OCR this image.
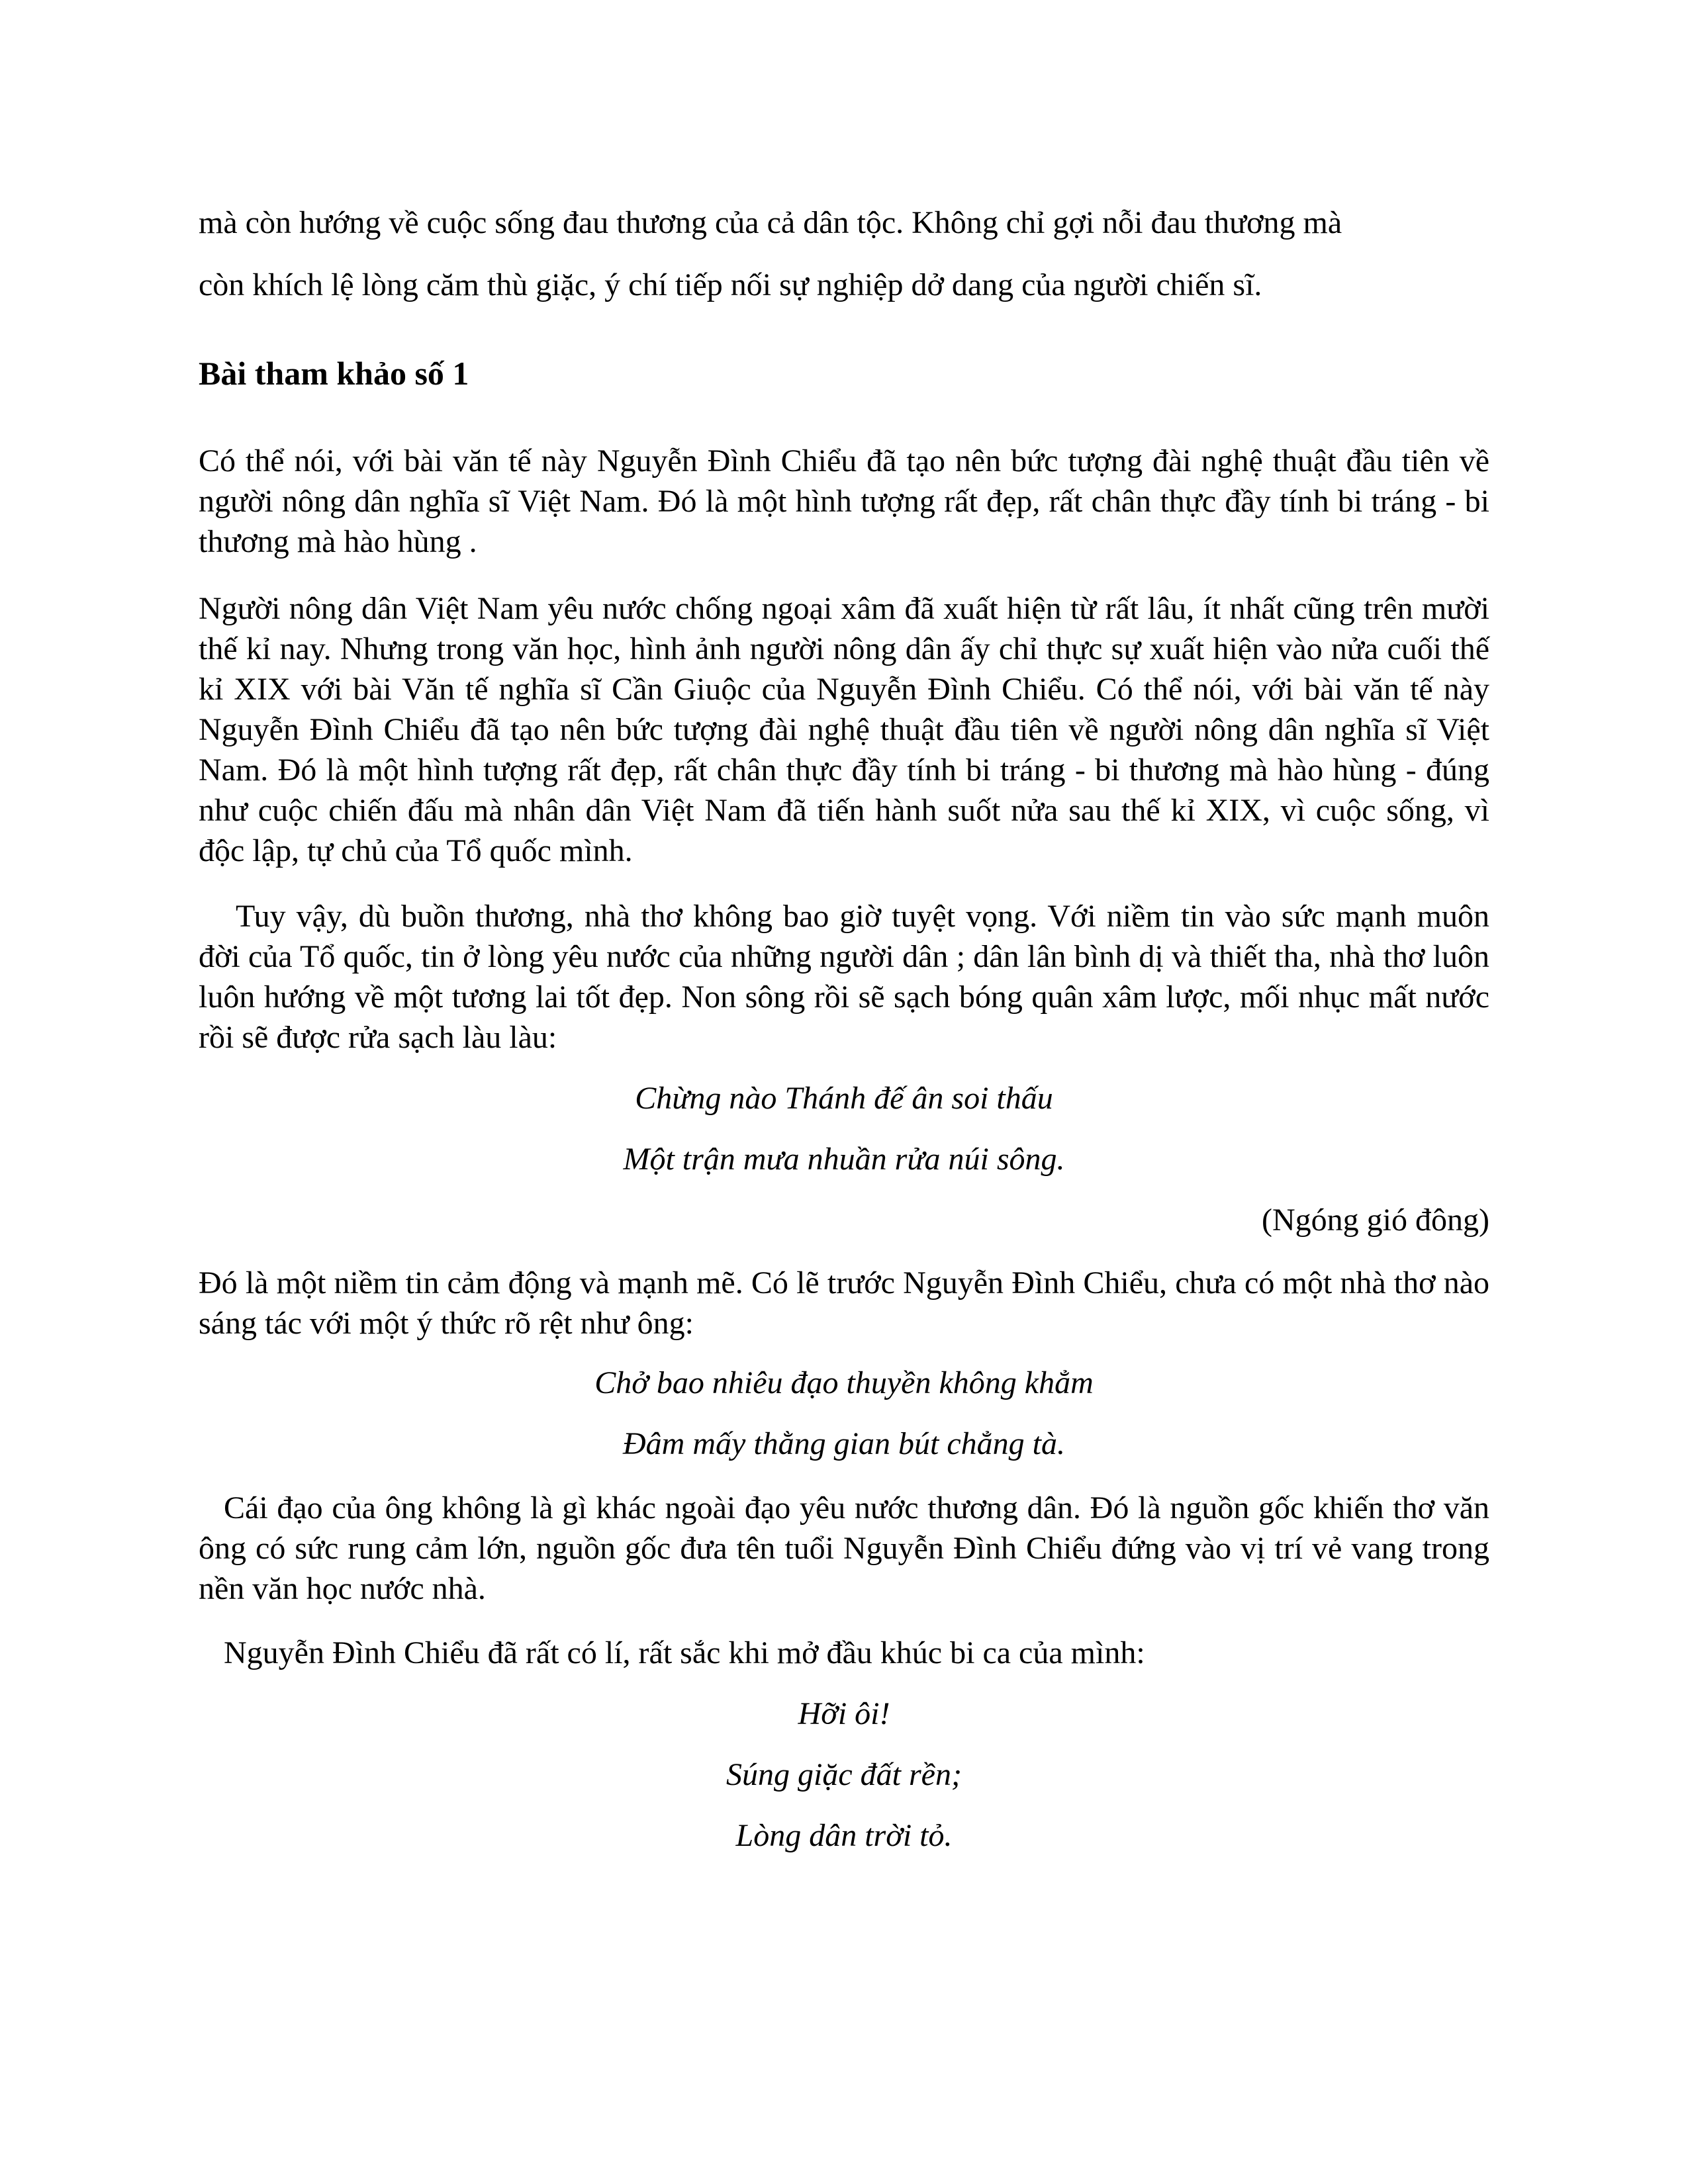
mà còn hướng về cuộc sống đau thương của cả dân tộc. Không chỉ gợi nỗi đau thương mà
còn khích lệ lòng căm thù giặc, ý chí tiếp nối sự nghiệp dở dang của người chiến sĩ.

Bài tham khảo số 1

Có thể nói, với bài văn tế này Nguyễn Đình Chiểu đã tạo nên bức tượng đài nghệ thuật đầu tiên về người nông dân nghĩa sĩ Việt Nam. Đó là một hình tượng rất đẹp, rất chân thực đầy tính bi tráng - bi thương mà hào hùng .

Người nông dân Việt Nam yêu nước chống ngoại xâm đã xuất hiện từ rất lâu, ít nhất cũng trên mười thế kỉ nay. Nhưng trong văn học, hình ảnh người nông dân ấy chỉ thực sự xuất hiện vào nửa cuối thế kỉ XIX với bài Văn tế nghĩa sĩ Cần Giuộc của Nguyễn Đình Chiểu. Có thể nói, với bài văn tế này Nguyễn Đình Chiểu đã tạo nên bức tượng đài nghệ thuật đầu tiên về người nông dân nghĩa sĩ Việt Nam. Đó là một hình tượng rất đẹp, rất chân thực đầy tính bi tráng - bi thương mà hào hùng - đúng như cuộc chiến đấu mà nhân dân Việt Nam đã tiến hành suốt nửa sau thế kỉ XIX, vì cuộc sống, vì độc lập, tự chủ của Tổ quốc mình.

Tuy vậy, dù buồn thương, nhà thơ không bao giờ tuyệt vọng. Với niềm tin vào sức mạnh muôn đời của Tổ quốc, tin ở lòng yêu nước của những người dân ; dân lân bình dị và thiết tha, nhà thơ luôn luôn hướng về một tương lai tốt đẹp. Non sông rồi sẽ sạch bóng quân xâm lược, mối nhục mất nước rồi sẽ được rửa sạch làu làu:

Chừng nào Thánh đế ân soi thấu

Một trận mưa nhuần rửa núi sông.

(Ngóng gió đông)

Đó là một niềm tin cảm động và mạnh mẽ. Có lẽ trước Nguyễn Đình Chiểu, chưa có một nhà thơ nào sáng tác với một ý thức rõ rệt như ông:

Chở bao nhiêu đạo thuyền không khẳm

Đâm mấy thằng gian bút chẳng tà.

Cái đạo của ông không là gì khác ngoài đạo yêu nước thương dân. Đó là nguồn gốc khiến thơ văn ông có sức rung cảm lớn, nguồn gốc đưa tên tuổi Nguyễn Đình Chiểu đứng vào vị trí vẻ vang trong nền văn học nước nhà.

Nguyễn Đình Chiểu đã rất có lí, rất sắc khi mở đầu khúc bi ca của mình:

Hỡi ôi!

Súng giặc đất rền;

Lòng dân trời tỏ.
